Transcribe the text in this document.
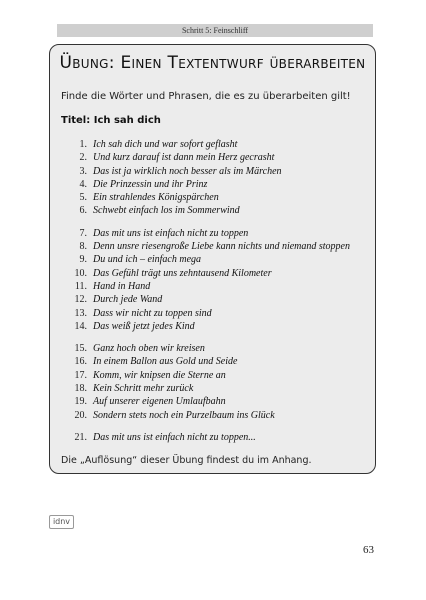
Schritt 5: Feinschliff
Übung: Einen Textentwurf überarbeiten
Finde die Wörter und Phrasen, die es zu überarbeiten gilt!
Titel: Ich sah dich
1. Ich sah dich und war sofort geflasht
2. Und kurz darauf ist dann mein Herz gecrasht
3. Das ist ja wirklich noch besser als im Märchen
4. Die Prinzessin und ihr Prinz
5. Ein strahlendes Königspärchen
6. Schwebt einfach los im Sommerwind
7. Das mit uns ist einfach nicht zu toppen
8. Denn unsre riesengroße Liebe kann nichts und niemand stoppen
9. Du und ich – einfach mega
10. Das Gefühl trägt uns zehntausend Kilometer
11. Hand in Hand
12. Durch jede Wand
13. Dass wir nicht zu toppen sind
14. Das weiß jetzt jedes Kind
15. Ganz hoch oben wir kreisen
16. In einem Ballon aus Gold und Seide
17. Komm, wir knipsen die Sterne an
18. Kein Schritt mehr zurück
19. Auf unserer eigenen Umlaufbahn
20. Sondern stets noch ein Purzelbaum ins Glück
21. Das mit uns ist einfach nicht zu toppen...
Die „Auflösung“ dieser Übung findest du im Anhang.
idnv
63
